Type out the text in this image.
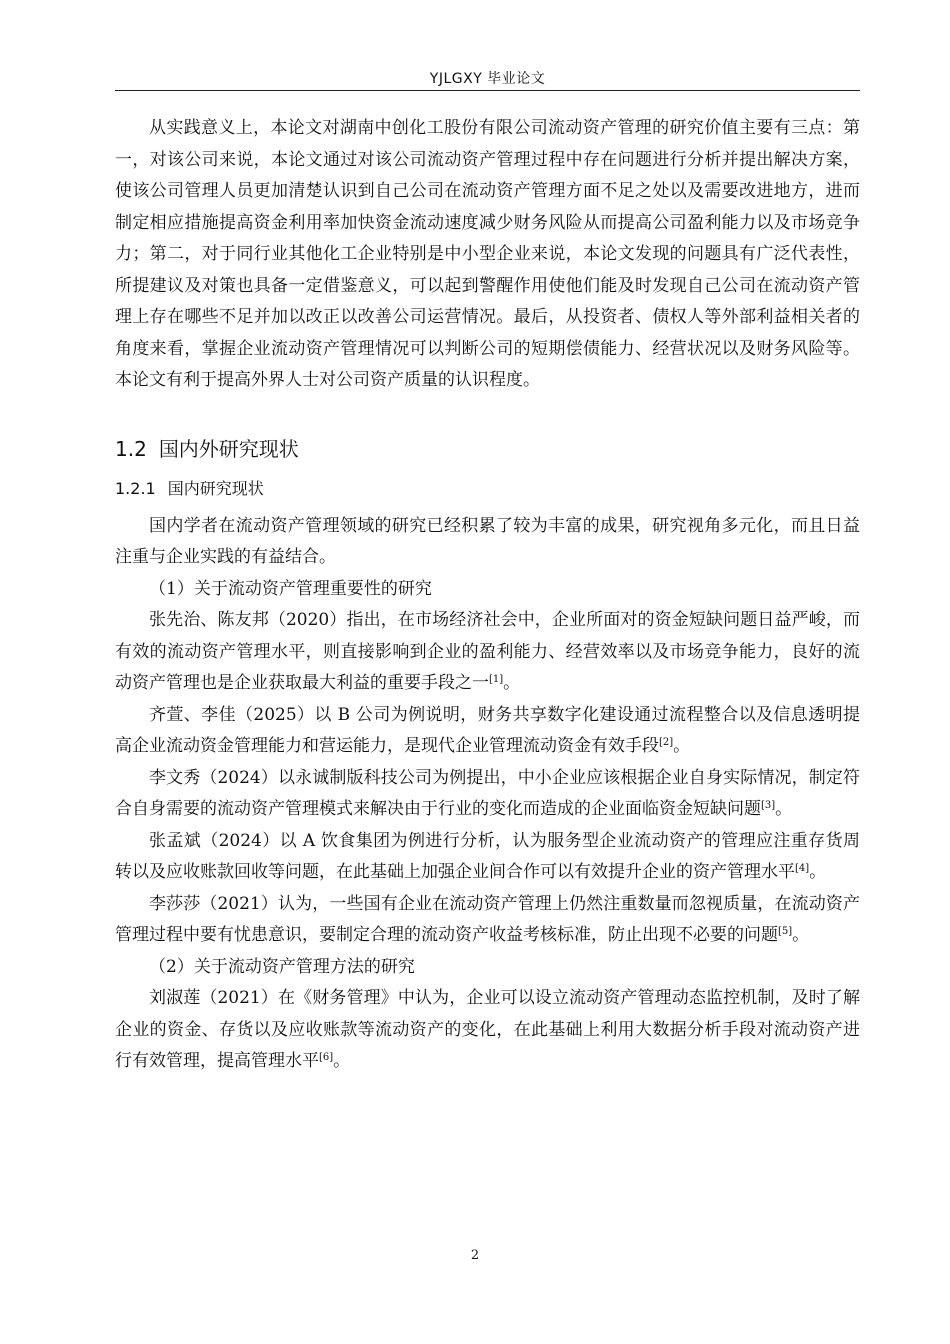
YJLGXY 毕业论文

从实践意义上，本论文对湖南中创化工股份有限公司流动资产管理的研究价值主要有三点：第一，对该公司来说，本论文通过对该公司流动资产管理过程中存在问题进行分析并提出解决方案，使该公司管理人员更加清楚认识到自己公司在流动资产管理方面不足之处以及需要改进地方，进而制定相应措施提高资金利用率加快资金流动速度减少财务风险从而提高公司盈利能力以及市场竞争力；第二，对于同行业其他化工企业特别是中小型企业来说，本论文发现的问题具有广泛代表性，所提建议及对策也具备一定借鉴意义，可以起到警醒作用使他们能及时发现自己公司在流动资产管理上存在哪些不足并加以改正以改善公司运营情况。最后，从投资者、债权人等外部利益相关者的角度来看，掌握企业流动资产管理情况可以判断公司的短期偿债能力、经营状况以及财务风险等。本论文有利于提高外界人士对公司资产质量的认识程度。

1.2 国内外研究现状
1.2.1 国内研究现状

国内学者在流动资产管理领域的研究已经积累了较为丰富的成果，研究视角多元化，而且日益注重与企业实践的有益结合。

（1）关于流动资产管理重要性的研究

张先治、陈友邦（2020）指出，在市场经济社会中，企业所面对的资金短缺问题日益严峻，而有效的流动资产管理水平，则直接影响到企业的盈利能力、经营效率以及市场竞争能力，良好的流动资产管理也是企业获取最大利益的重要手段之一[1]。

齐萱、李佳（2025）以 B 公司为例说明，财务共享数字化建设通过流程整合以及信息透明提高企业流动资金管理能力和营运能力，是现代企业管理流动资金有效手段[2]。

李文秀（2024）以永诚制版科技公司为例提出，中小企业应该根据企业自身实际情况，制定符合自身需要的流动资产管理模式来解决由于行业的变化而造成的企业面临资金短缺问题[3]。

张孟斌（2024）以 A 饮食集团为例进行分析，认为服务型企业流动资产的管理应注重存货周转以及应收账款回收等问题，在此基础上加强企业间合作可以有效提升企业的资产管理水平[4]。

李莎莎（2021）认为，一些国有企业在流动资产管理上仍然注重数量而忽视质量，在流动资产管理过程中要有忧患意识，要制定合理的流动资产收益考核标准，防止出现不必要的问题[5]。

（2）关于流动资产管理方法的研究

刘淑莲（2021）在《财务管理》中认为，企业可以设立流动资产管理动态监控机制，及时了解企业的资金、存货以及应收账款等流动资产的变化，在此基础上利用大数据分析手段对流动资产进行有效管理，提高管理水平[6]。

2
